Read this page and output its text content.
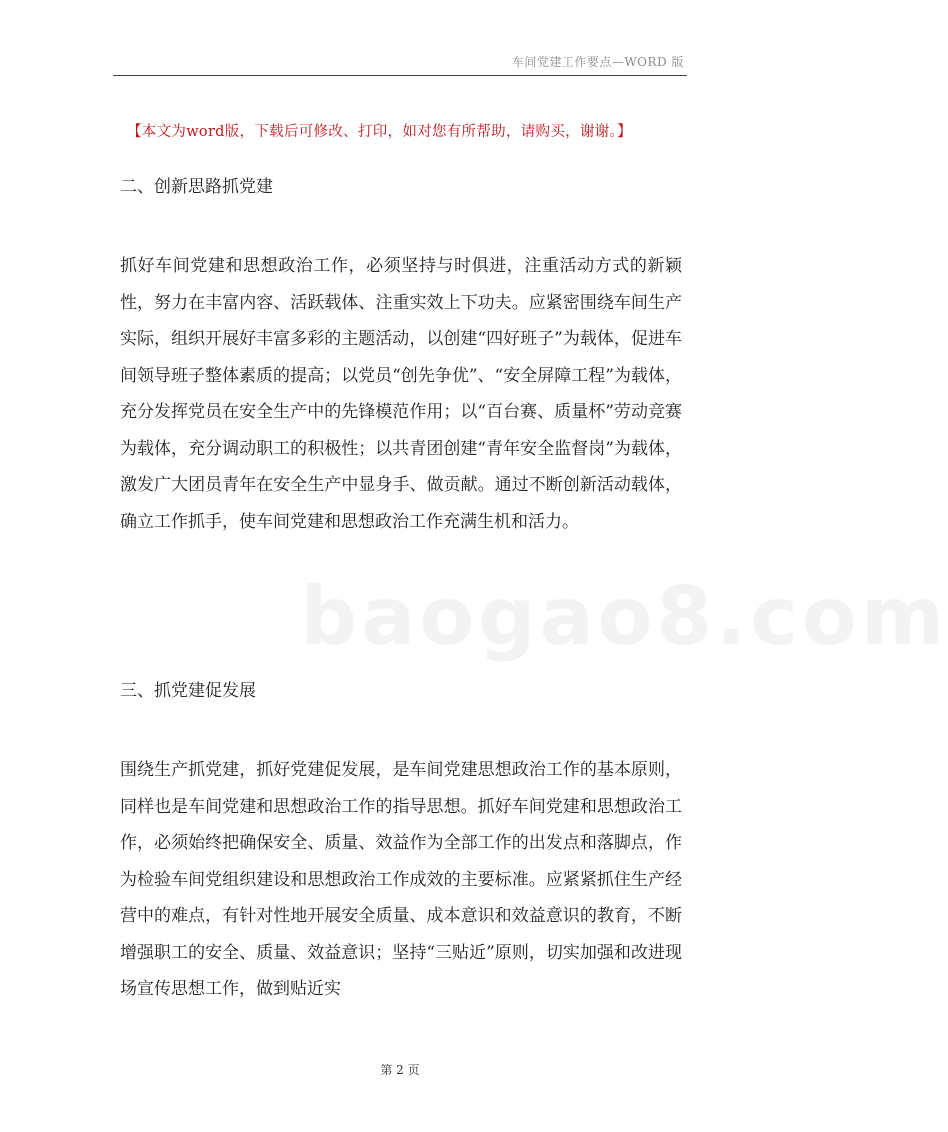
车间党建工作要点—WORD 版
【本文为word版，下载后可修改、打印，如对您有所帮助，请购买，谢谢。】
二、创新思路抓党建

抓好车间党建和思想政治工作，必须坚持与时俱进，注重活动方式的新颖性，努力在丰富内容、活跃载体、注重实效上下功夫。应紧密围绕车间生产实际，组织开展好丰富多彩的主题活动，以创建“四好班子”为载体，促进车间领导班子整体素质的提高；以党员“创先争优”、“安全屏障工程”为载体，充分发挥党员在安全生产中的先锋模范作用；以“百台赛、质量杯”劳动竞赛为载体，充分调动职工的积极性；以共青团创建“青年安全监督岗”为载体，激发广大团员青年在安全生产中显身手、做贡献。通过不断创新活动载体，确立工作抓手，使车间党建和思想政治工作充满生机和活力。

三、抓党建促发展

围绕生产抓党建，抓好党建促发展，是车间党建思想政治工作的基本原则，同样也是车间党建和思想政治工作的指导思想。抓好车间党建和思想政治工作，必须始终把确保安全、质量、效益作为全部工作的出发点和落脚点，作为检验车间党组织建设和思想政治工作成效的主要标准。应紧紧抓住生产经营中的难点，有针对性地开展安全质量、成本意识和效益意识的教育，不断增强职工的安全、质量、效益意识；坚持“三贴近”原则，切实加强和改进现场宣传思想工作，做到贴近实

baogao8.com
第 2 页
